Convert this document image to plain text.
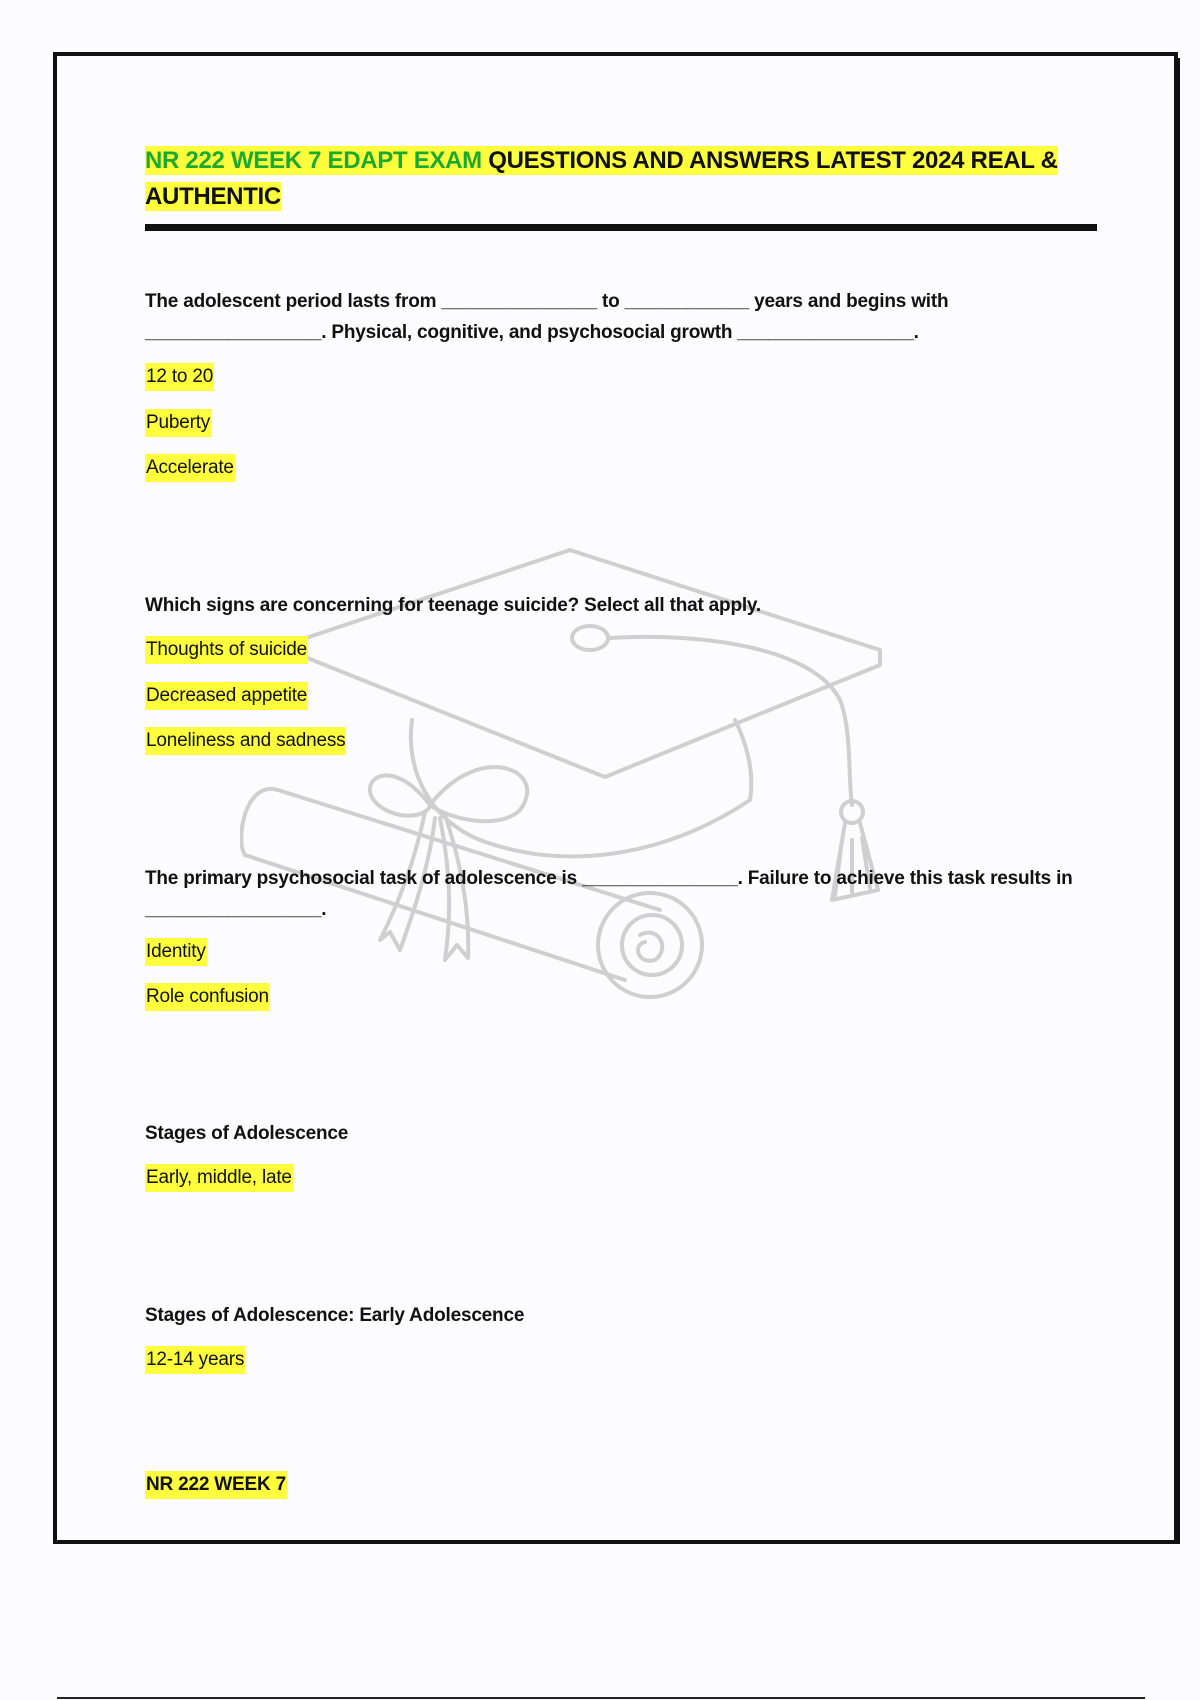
NR 222 WEEK 7 EDAPT EXAM QUESTIONS AND ANSWERS LATEST 2024 REAL & AUTHENTIC
The adolescent period lasts from _______________ to ____________ years and begins with _________________. Physical, cognitive, and psychosocial growth _________________.
12 to 20
Puberty
Accelerate
Which signs are concerning for teenage suicide? Select all that apply.
Thoughts of suicide
Decreased appetite
Loneliness and sadness
The primary psychosocial task of adolescence is _______________. Failure to achieve this task results in _________________.
Identity
Role confusion
Stages of Adolescence
Early, middle, late
Stages of Adolescence: Early Adolescence
12-14 years
NR 222 WEEK 7
